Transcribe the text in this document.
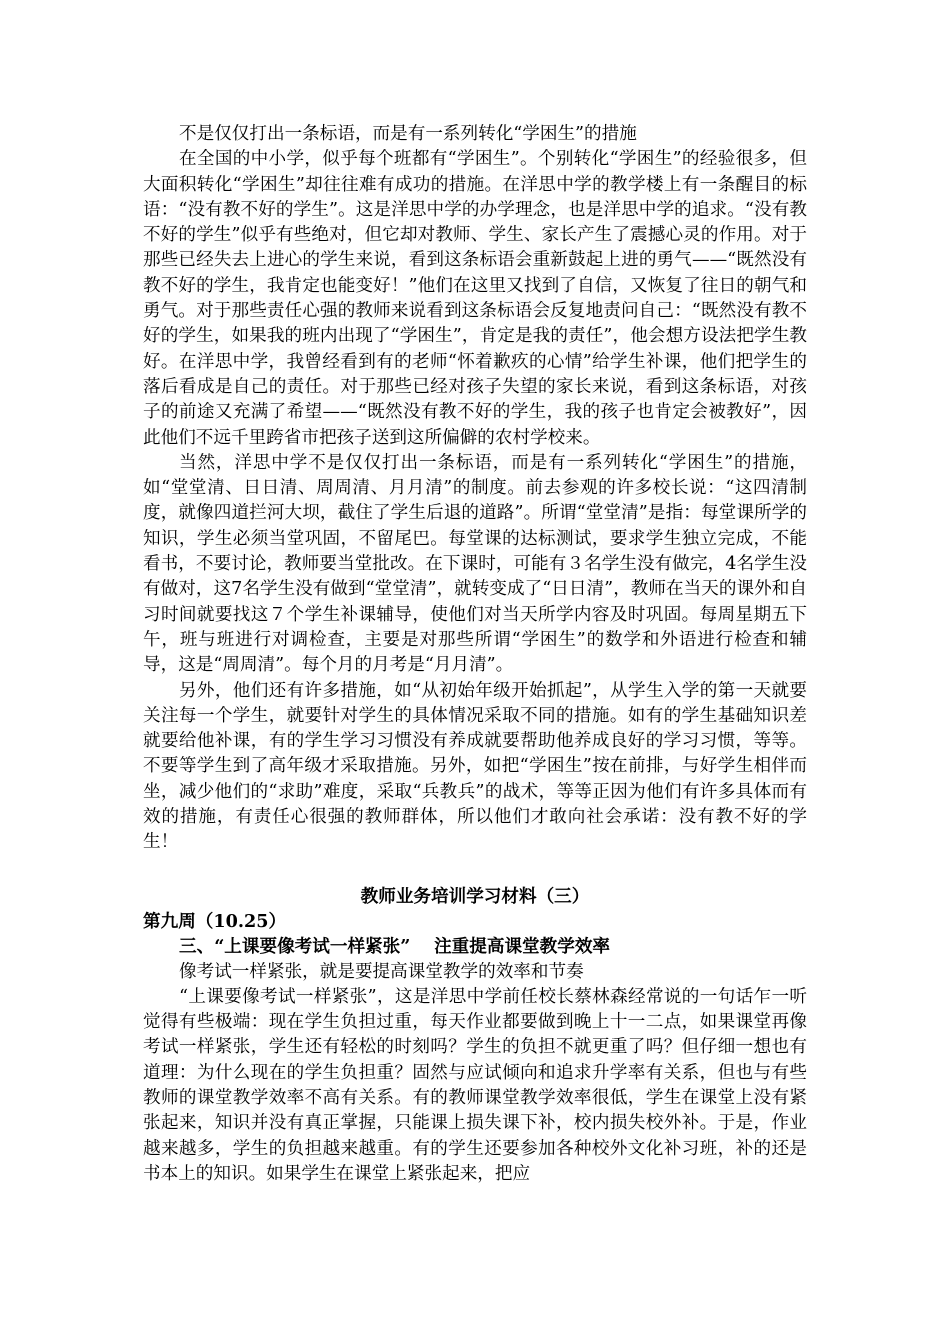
不是仅仅打出一条标语，而是有一系列转化“学困生”的措施

在全国的中小学，似乎每个班都有“学困生”。个别转化“学困生”的经验很多，但大面积转化“学困生”却往往难有成功的措施。在洋思中学的教学楼上有一条醒目的标语：“没有教不好的学生”。这是洋思中学的办学理念，也是洋思中学的追求。“没有教不好的学生”似乎有些绝对，但它却对教师、学生、家长产生了震撼心灵的作用。对于那些已经失去上进心的学生来说，看到这条标语会重新鼓起上进的勇气——“既然没有教不好的学生，我肯定也能变好！”他们在这里又找到了自信，又恢复了往日的朝气和勇气。对于那些责任心强的教师来说看到这条标语会反复地责问自己：“既然没有教不好的学生，如果我的班内出现了“学困生”，肯定是我的责任”，他会想方设法把学生教好。在洋思中学，我曾经看到有的老师“怀着歉疚的心情”给学生补课，他们把学生的落后看成是自己的责任。对于那些已经对孩子失望的家长来说，看到这条标语，对孩子的前途又充满了希望——“既然没有教不好的学生，我的孩子也肯定会被教好”，因此他们不远千里跨省市把孩子送到这所偏僻的农村学校来。

当然，洋思中学不是仅仅打出一条标语，而是有一系列转化“学困生”的措施，如“堂堂清、日日清、周周清、月月清”的制度。前去参观的许多校长说：“这四清制度，就像四道拦河大坝，截住了学生后退的道路”。所谓“堂堂清”是指：每堂课所学的知识，学生必须当堂巩固，不留尾巴。每堂课的达标测试，要求学生独立完成，不能看书，不要讨论，教师要当堂批改。在下课时，可能有３名学生没有做完，4名学生没有做对，这7名学生没有做到“堂堂清”，就转变成了“日日清”，教师在当天的课外和自习时间就要找这７个学生补课辅导，使他们对当天所学内容及时巩固。每周星期五下午，班与班进行对调检查，主要是对那些所谓“学困生”的数学和外语进行检查和辅导，这是“周周清”。每个月的月考是“月月清”。

另外，他们还有许多措施，如“从初始年级开始抓起”，从学生入学的第一天就要关注每一个学生，就要针对学生的具体情况采取不同的措施。如有的学生基础知识差就要给他补课，有的学生学习习惯没有养成就要帮助他养成良好的学习习惯，等等。不要等学生到了高年级才采取措施。另外，如把“学困生”按在前排，与好学生相伴而坐，减少他们的“求助”难度，采取“兵教兵”的战术，等等正因为他们有许多具体而有效的措施，有责任心很强的教师群体，所以他们才敢向社会承诺：没有教不好的学生！

教师业务培训学习材料（三）

第九周（10.25）

三、“上课要像考试一样紧张”　 注重提高课堂教学效率

像考试一样紧张，就是要提高课堂教学的效率和节奏

“上课要像考试一样紧张”，这是洋思中学前任校长蔡林森经常说的一句话乍一听觉得有些极端：现在学生负担过重，每天作业都要做到晚上十一二点，如果课堂再像考试一样紧张，学生还有轻松的时刻吗？学生的负担不就更重了吗？但仔细一想也有道理：为什么现在的学生负担重？固然与应试倾向和追求升学率有关系，但也与有些教师的课堂教学效率不高有关系。有的教师课堂教学效率很低，学生在课堂上没有紧张起来，知识并没有真正掌握，只能课上损失课下补，校内损失校外补。于是，作业越来越多，学生的负担越来越重。有的学生还要参加各种校外文化补习班，补的还是书本上的知识。如果学生在课堂上紧张起来，把应
